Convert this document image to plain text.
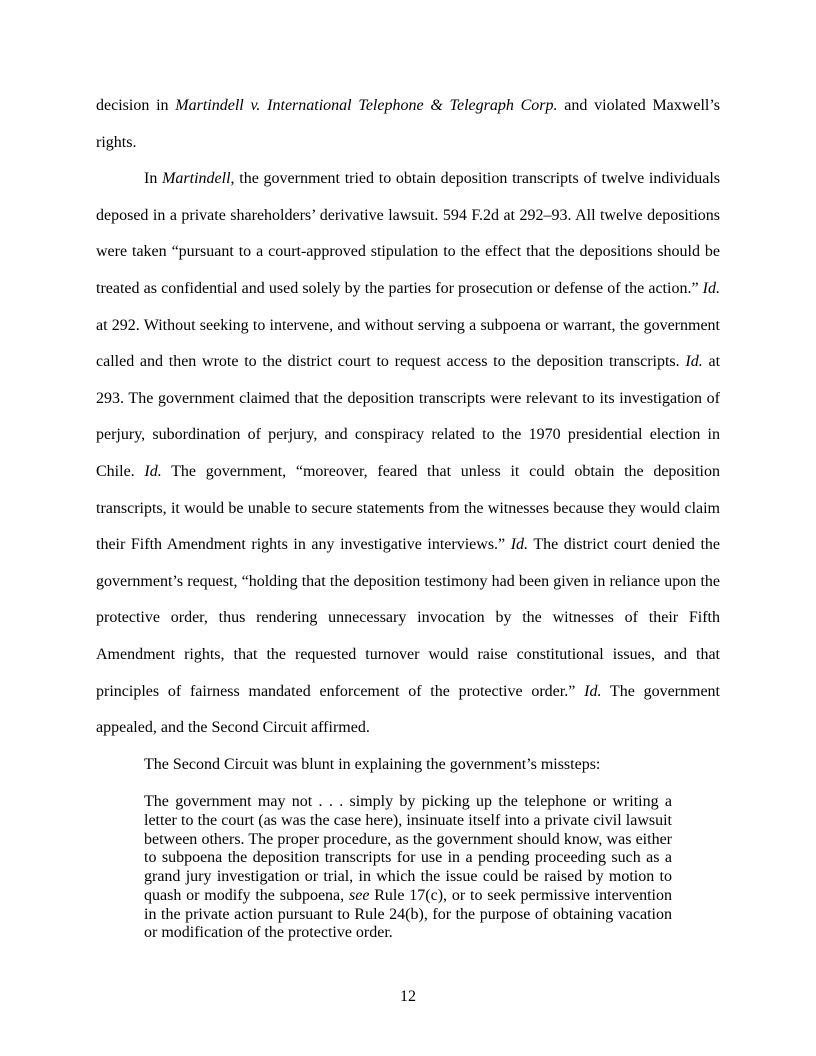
decision in Martindell v. International Telephone & Telegraph Corp. and violated Maxwell’s rights.

In Martindell, the government tried to obtain deposition transcripts of twelve individuals deposed in a private shareholders’ derivative lawsuit. 594 F.2d at 292–93. All twelve depositions were taken “pursuant to a court-approved stipulation to the effect that the depositions should be treated as confidential and used solely by the parties for prosecution or defense of the action.” Id. at 292. Without seeking to intervene, and without serving a subpoena or warrant, the government called and then wrote to the district court to request access to the deposition transcripts. Id. at 293. The government claimed that the deposition transcripts were relevant to its investigation of perjury, subordination of perjury, and conspiracy related to the 1970 presidential election in Chile. Id. The government, “moreover, feared that unless it could obtain the deposition transcripts, it would be unable to secure statements from the witnesses because they would claim their Fifth Amendment rights in any investigative interviews.” Id. The district court denied the government’s request, “holding that the deposition testimony had been given in reliance upon the protective order, thus rendering unnecessary invocation by the witnesses of their Fifth Amendment rights, that the requested turnover would raise constitutional issues, and that principles of fairness mandated enforcement of the protective order.” Id. The government appealed, and the Second Circuit affirmed.

The Second Circuit was blunt in explaining the government’s missteps:

The government may not . . . simply by picking up the telephone or writing a letter to the court (as was the case here), insinuate itself into a private civil lawsuit between others. The proper procedure, as the government should know, was either to subpoena the deposition transcripts for use in a pending proceeding such as a grand jury investigation or trial, in which the issue could be raised by motion to quash or modify the subpoena, see Rule 17(c), or to seek permissive intervention in the private action pursuant to Rule 24(b), for the purpose of obtaining vacation or modification of the protective order.

12
